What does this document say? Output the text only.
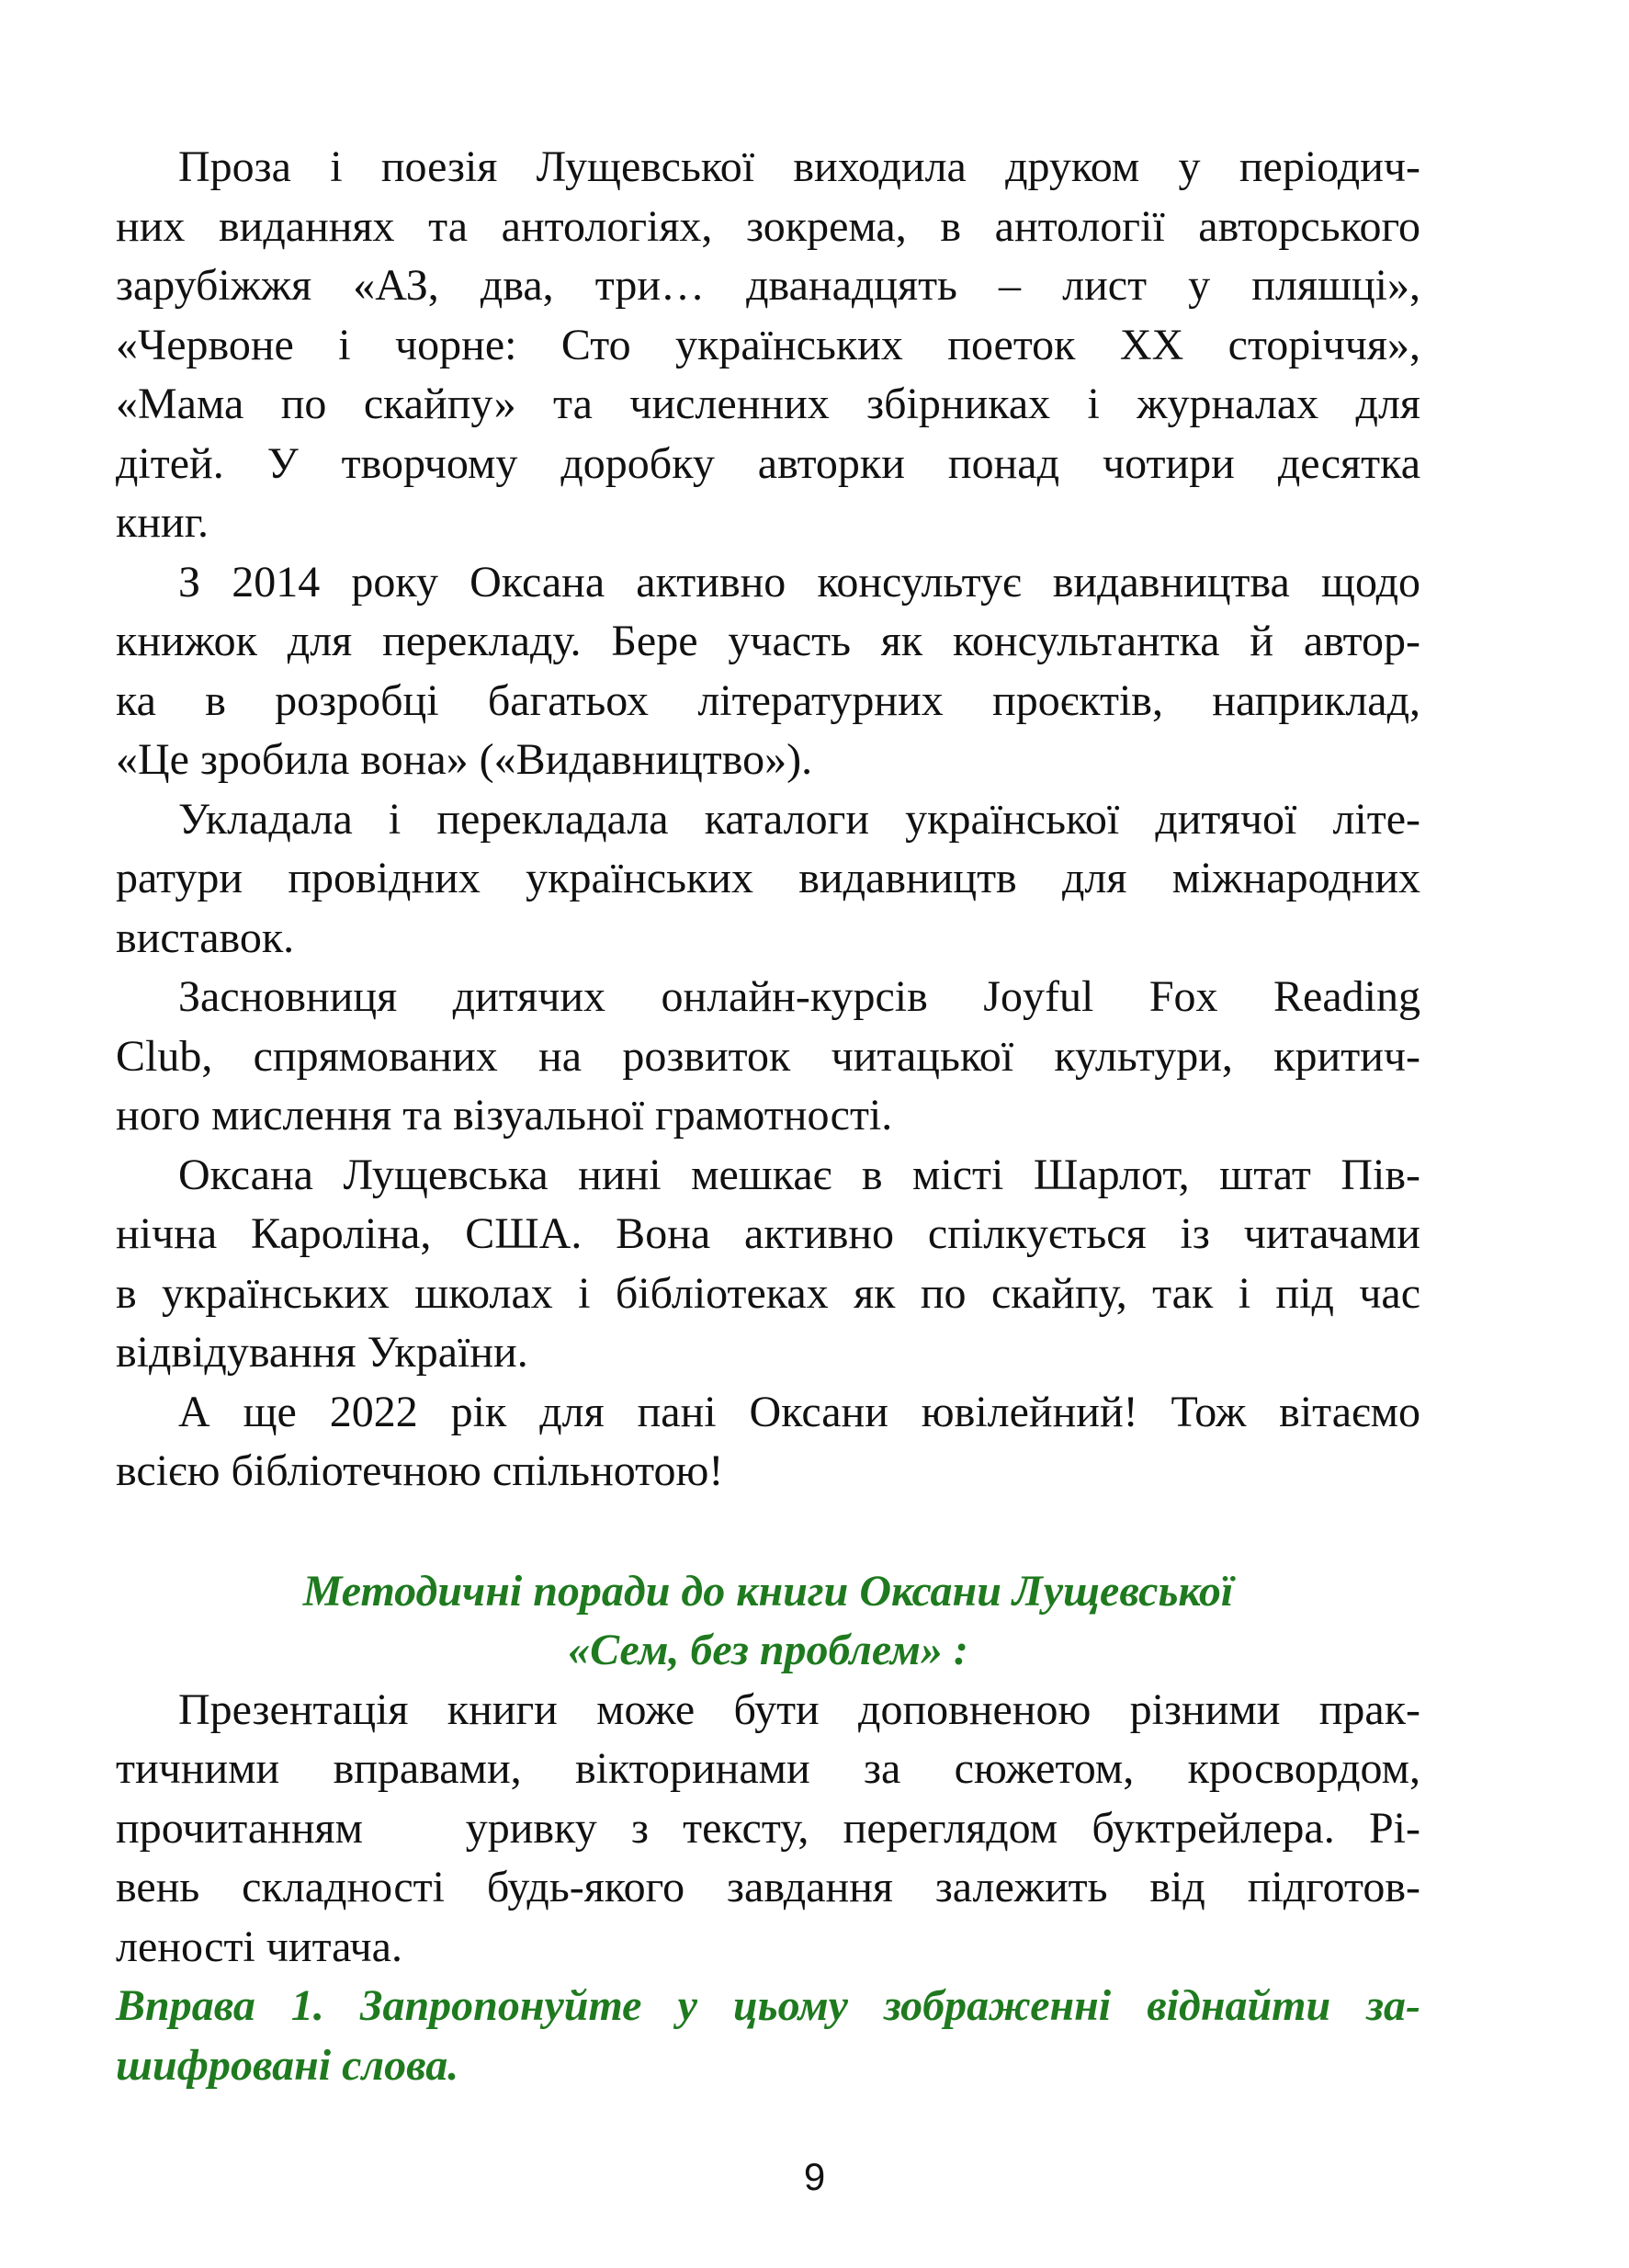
Проза і поезія Лущевської виходила друком у періодич-
них виданнях та антологіях, зокрема, в антології авторського
зарубіжжя «АЗ, два, три… дванадцять – лист у пляшці»,
«Червоне і чорне: Сто українських поеток ХХ сторіччя»,
«Мама по скайпу» та численних збірниках і журналах для
дітей. У творчому доробку авторки понад чотири десятка
книг.

З 2014 року Оксана активно консультує видавництва щодо
книжок для перекладу. Бере участь як консультантка й автор-
ка в розробці багатьох літературних проєктів, наприклад,
«Це зробила вона» («Видавництво»).

Укладала і перекладала каталоги української дитячої літе-
ратури провідних українських видавництв для міжнародних
виставок.

Засновниця дитячих онлайн-курсів Joyful Fox Reading
Club, спрямованих на розвиток читацької культури, критич-
ного мислення та візуальної грамотності.

Оксана Лущевська нині мешкає в місті Шарлот, штат Пів-
нічна Кароліна, США. Вона активно спілкується із читачами
в українських школах і бібліотеках як по скайпу, так і під час
відвідування України.

А ще 2022 рік для пані Оксани ювілейний! Тож вітаємо
всією бібліотечною спільнотою!

Методичні поради до книги Оксани Лущевської
«Сем, без проблем» :

Презентація книги може бути доповненою різними прак-
тичними вправами, вікторинами за сюжетом, кросвордом,
прочитанням   уривку з тексту, переглядом буктрейлера. Рі-
вень складності будь-якого завдання залежить від підготов-
леності читача.

Вправа 1. Запропонуйте у цьому зображенні віднайти за-
шифровані слова.

9
